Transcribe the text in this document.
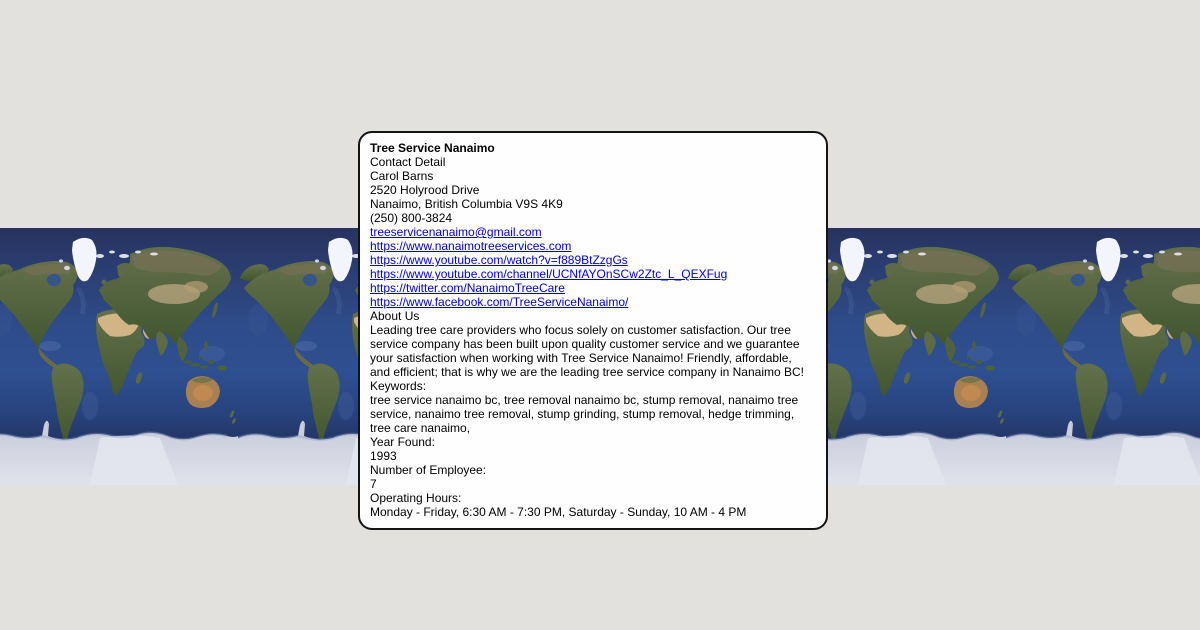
Tree Service Nanaimo
Contact Detail
Carol Barns
2520 Holyrood Drive
Nanaimo, British Columbia V9S 4K9
(250) 800-3824
treeservicenanaimo@gmail.com
https://www.nanaimotreeservices.com
https://www.youtube.com/watch?v=f889BtZzgGs
https://www.youtube.com/channel/UCNfAYOnSCw2Ztc_L_QEXFug
https://twitter.com/NanaimoTreeCare
https://www.facebook.com/TreeServiceNanaimo/
About Us
Leading tree care providers who focus solely on customer satisfaction. Our tree service company has been built upon quality customer service and we guarantee your satisfaction when working with Tree Service Nanaimo! Friendly, affordable, and efficient; that is why we are the leading tree service company in Nanaimo BC!
Keywords:
tree service nanaimo bc, tree removal nanaimo bc, stump removal, nanaimo tree service, nanaimo tree removal, stump grinding, stump removal, hedge trimming, tree care nanaimo,
Year Found:
1993
Number of Employee:
7
Operating Hours:
Monday - Friday, 6:30 AM - 7:30 PM, Saturday - Sunday, 10 AM - 4 PM
